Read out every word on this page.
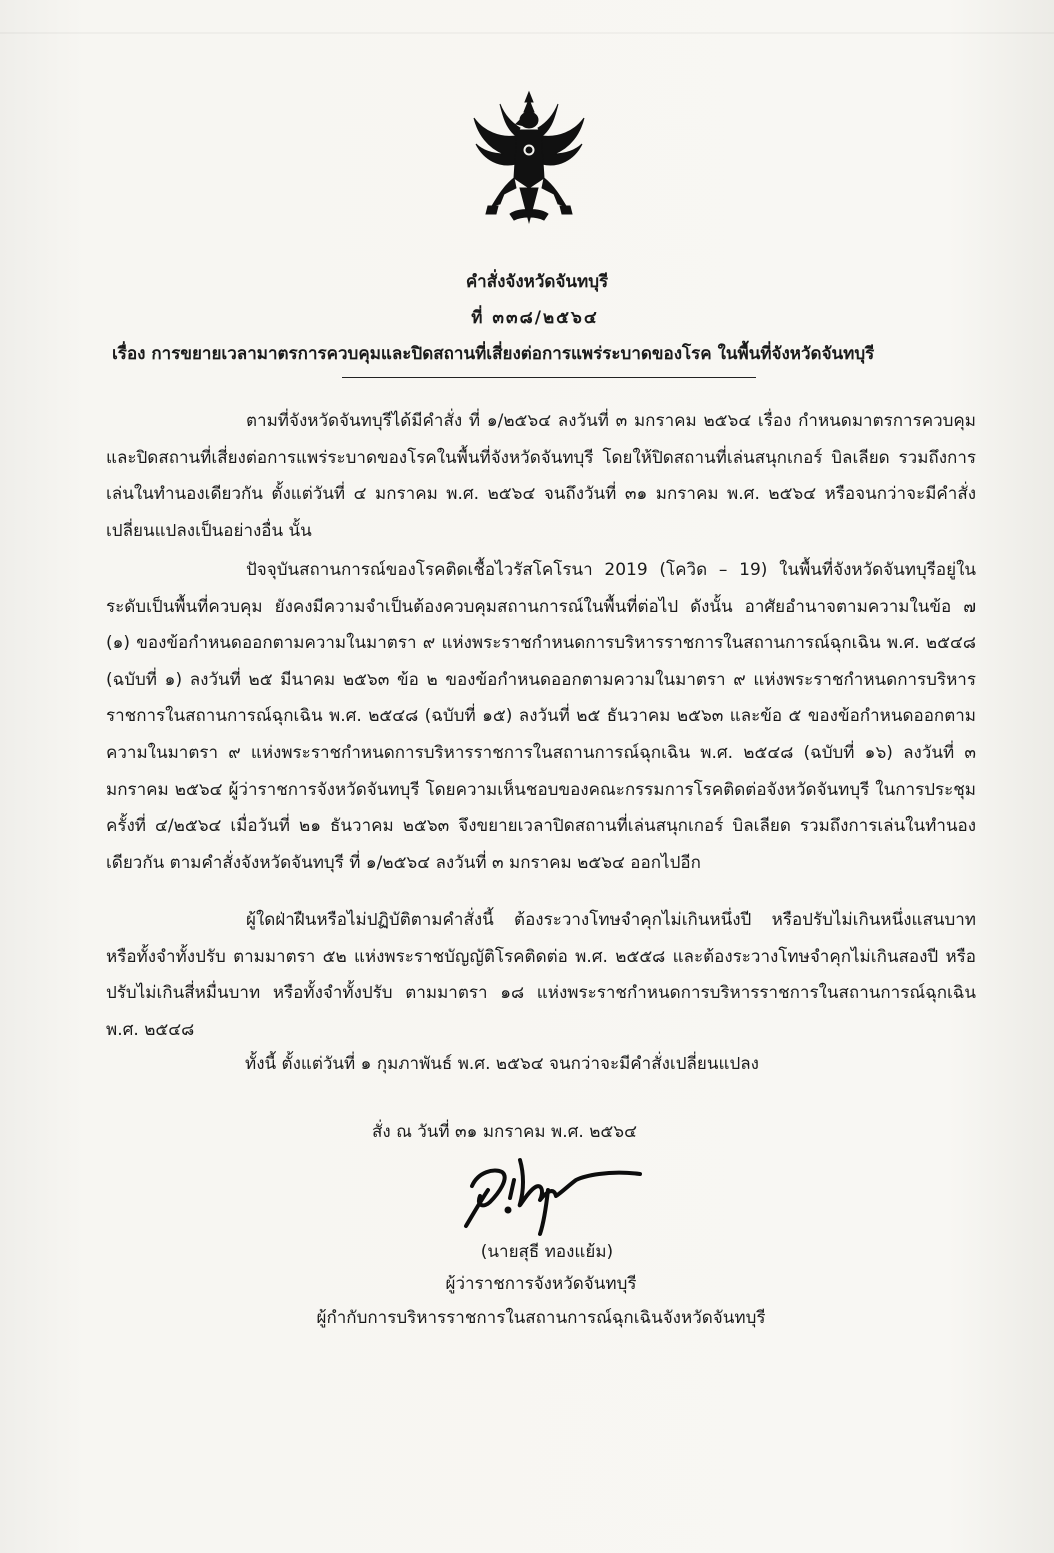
คำสั่งจังหวัดจันทบุรี
ที่ ๓๓๘/๒๕๖๔
เรื่อง การขยายเวลามาตรการควบคุมและปิดสถานที่เสี่ยงต่อการแพร่ระบาดของโรค ในพื้นที่จังหวัดจันทบุรี
ตามที่จังหวัดจันทบุรีได้มีคำสั่ง ที่ ๑/๒๕๖๔ ลงวันที่ ๓ มกราคม ๒๕๖๔ เรื่อง กำหนดมาตรการควบคุมและปิดสถานที่เสี่ยงต่อการแพร่ระบาดของโรคในพื้นที่จังหวัดจันทบุรี โดยให้ปิดสถานที่เล่นสนุกเกอร์ บิลเลียด รวมถึงการเล่นในทำนองเดียวกัน ตั้งแต่วันที่ ๔ มกราคม พ.ศ. ๒๕๖๔ จนถึงวันที่ ๓๑ มกราคม พ.ศ. ๒๕๖๔ หรือจนกว่าจะมีคำสั่งเปลี่ยนแปลงเป็นอย่างอื่น นั้น
ปัจจุบันสถานการณ์ของโรคติดเชื้อไวรัสโคโรนา 2019 (โควิด – 19) ในพื้นที่จังหวัดจันทบุรีอยู่ในระดับเป็นพื้นที่ควบคุม ยังคงมีความจำเป็นต้องควบคุมสถานการณ์ในพื้นที่ต่อไป ดังนั้น อาศัยอำนาจตามความในข้อ ๗ (๑) ของข้อกำหนดออกตามความในมาตรา ๙ แห่งพระราชกำหนดการบริหารราชการในสถานการณ์ฉุกเฉิน พ.ศ. ๒๕๔๘ (ฉบับที่ ๑) ลงวันที่ ๒๕ มีนาคม ๒๕๖๓ ข้อ ๒ ของข้อกำหนดออกตามความในมาตรา ๙ แห่งพระราชกำหนดการบริหารราชการในสถานการณ์ฉุกเฉิน พ.ศ. ๒๕๔๘ (ฉบับที่ ๑๕) ลงวันที่ ๒๕ ธันวาคม ๒๕๖๓ และข้อ ๕ ของข้อกำหนดออกตามความในมาตรา ๙ แห่งพระราชกำหนดการบริหารราชการในสถานการณ์ฉุกเฉิน พ.ศ. ๒๕๔๘ (ฉบับที่ ๑๖) ลงวันที่ ๓ มกราคม ๒๕๖๔ ผู้ว่าราชการจังหวัดจันทบุรี โดยความเห็นชอบของคณะกรรมการโรคติดต่อจังหวัดจันทบุรี ในการประชุมครั้งที่ ๔/๒๕๖๔ เมื่อวันที่ ๒๑ ธันวาคม ๒๕๖๓ จึงขยายเวลาปิดสถานที่เล่นสนุกเกอร์ บิลเลียด รวมถึงการเล่นในทำนองเดียวกัน ตามคำสั่งจังหวัดจันทบุรี ที่ ๑/๒๕๖๔ ลงวันที่ ๓ มกราคม ๒๕๖๔ ออกไปอีก
ผู้ใดฝ่าฝืนหรือไม่ปฏิบัติตามคำสั่งนี้ ต้องระวางโทษจำคุกไม่เกินหนึ่งปี หรือปรับไม่เกินหนึ่งแสนบาทหรือทั้งจำทั้งปรับ ตามมาตรา ๕๒ แห่งพระราชบัญญัติโรคติดต่อ พ.ศ. ๒๕๕๘ และต้องระวางโทษจำคุกไม่เกินสองปี หรือปรับไม่เกินสี่หมื่นบาท หรือทั้งจำทั้งปรับ ตามมาตรา ๑๘ แห่งพระราชกำหนดการบริหารราชการในสถานการณ์ฉุกเฉิน พ.ศ. ๒๕๔๘
ทั้งนี้ ตั้งแต่วันที่ ๑ กุมภาพันธ์ พ.ศ. ๒๕๖๔ จนกว่าจะมีคำสั่งเปลี่ยนแปลง
สั่ง ณ วันที่ ๓๑ มกราคม พ.ศ. ๒๕๖๔
(นายสุธี ทองแย้ม)
ผู้ว่าราชการจังหวัดจันทบุรี
ผู้กำกับการบริหารราชการในสถานการณ์ฉุกเฉินจังหวัดจันทบุรี
